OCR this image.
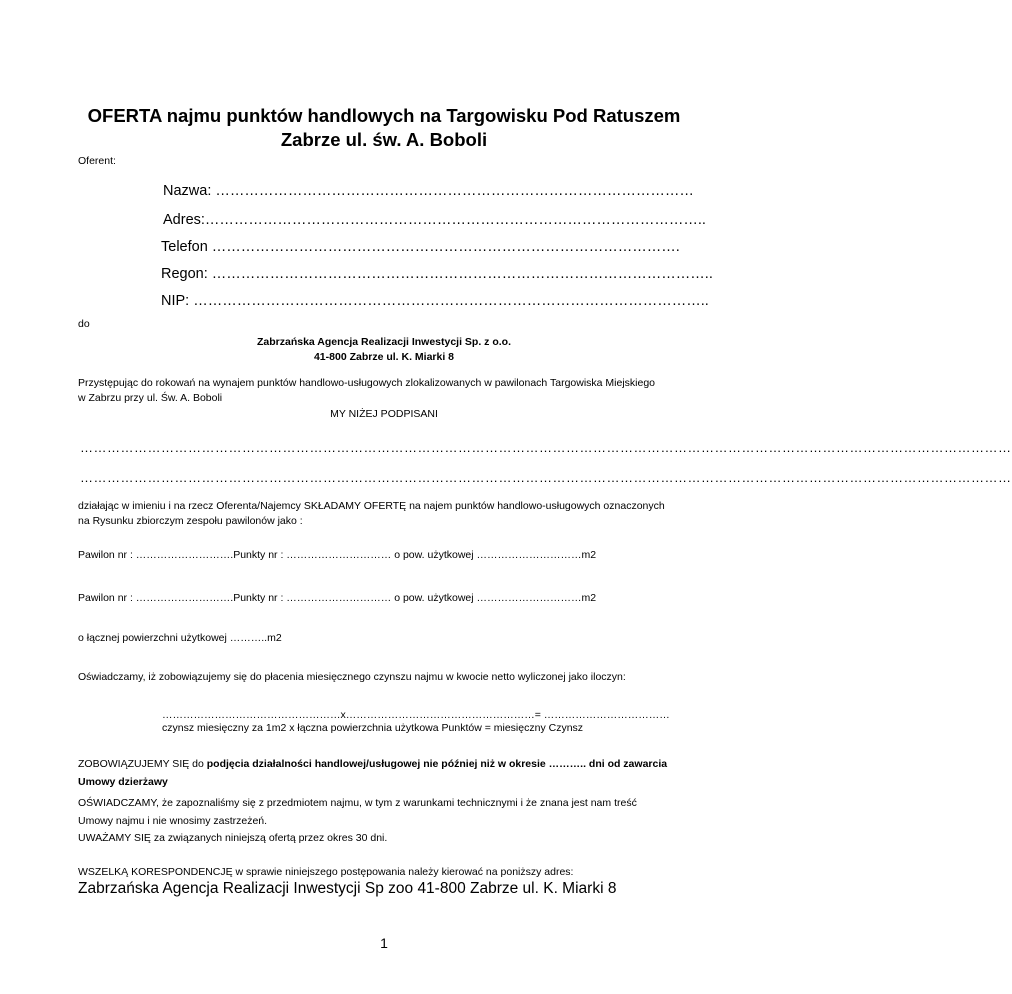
OFERTA najmu punktów handlowych na Targowisku Pod Ratuszem
Zabrze ul. św. A. Boboli
Oferent:
Nazwa: ………………………………………………………………………………………
Adres:…………………………………………………………………………………………..
Telefon …………………………………………………………………………………….
Regon: …………………………………………………………………………………………..
NIP: ……………………………………………………………………………………………..
do
Zabrzańska Agencja Realizacji Inwestycji Sp. z o.o.
41-800 Zabrze ul. K. Miarki 8
Przystępując do rokowań na wynajem punktów handlowo-usługowych zlokalizowanych w pawilonach Targowiska Miejskiego
w Zabrzu przy ul. Św. A. Boboli
MY NIŻEJ PODPISANI
………………………………………………………………………………………………………………………………………………………………………………………
………………………………………………………………………………………………………………………………………………………………………………………
działając w imieniu i na rzecz Oferenta/Najemcy SKŁADAMY OFERTĘ na najem punktów handlowo-usługowych oznaczonych
na Rysunku zbiorczym zespołu pawilonów jako :
Pawilon nr : ……………………….Punkty nr : ………………………… o pow. użytkowej …………………………m2
Pawilon nr : ……………………….Punkty nr : ………………………… o pow. użytkowej …………………………m2
o łącznej powierzchni użytkowej ………..m2
Oświadczamy, iż zobowiązujemy się do płacenia miesięcznego czynszu najmu w kwocie netto wyliczonej jako iloczyn:
……………………………………………x………………………………………………= ………………………………
czynsz miesięczny za 1m2 x łączna powierzchnia użytkowa Punktów = miesięczny Czynsz
ZOBOWIĄZUJEMY SIĘ do podjęcia działalności handlowej/usługowej nie później niż w okresie ……….. dni od zawarcia
Umowy dzierżawy
OŚWIADCZAMY, że zapoznaliśmy się z przedmiotem najmu, w tym z warunkami technicznymi i że znana jest nam treść
Umowy najmu i nie wnosimy zastrzeżeń.
UWAŻAMY SIĘ za związanych niniejszą ofertą przez okres 30 dni.
WSZELKĄ KORESPONDENCJĘ w sprawie niniejszego postępowania należy kierować na poniższy adres:
Zabrzańska Agencja Realizacji Inwestycji Sp zoo 41-800 Zabrze ul. K. Miarki 8
1
